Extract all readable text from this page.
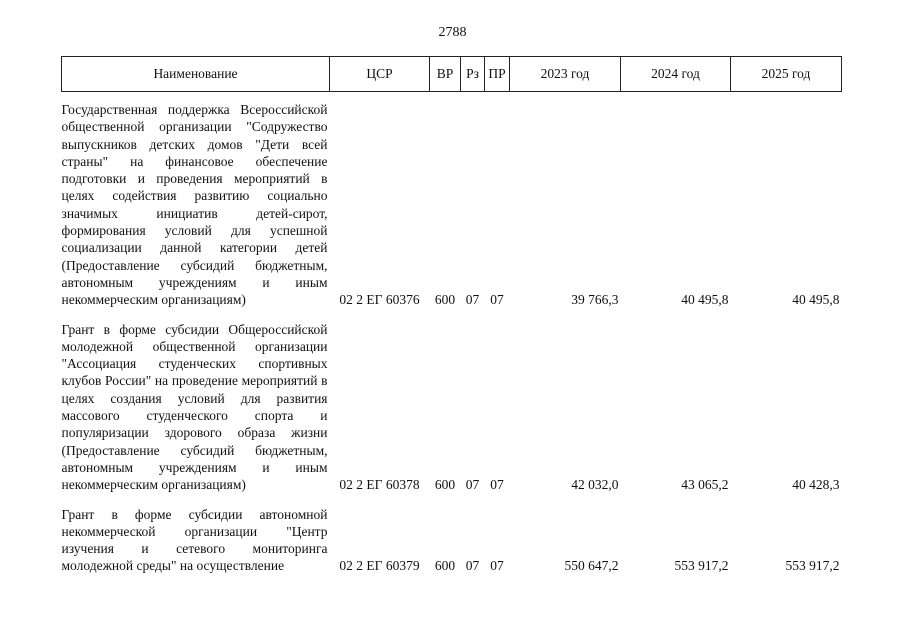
2788
Наименование	ЦСР	ВР	Рз	ПР	2023 год	2024 год	2025 год
Государственная поддержка Всероссийской общественной организации "Содружество выпускников детских домов "Дети всей страны" на финансовое обеспечение подготовки и проведения мероприятий в целях содействия развитию социально значимых инициатив детей-сирот, формирования условий для успешной социализации данной категории детей (Предоставление субсидий бюджетным, автономным учреждениям и иным некоммерческим организациям)	02 2 ЕГ 60376	600	07	07	39 766,3	40 495,8	40 495,8
Грант в форме субсидии Общероссийской молодежной общественной организации "Ассоциация студенческих спортивных клубов России" на проведение мероприятий в целях создания условий для развития массового студенческого спорта и популяризации здорового образа жизни (Предоставление субсидий бюджетным, автономным учреждениям и иным некоммерческим организациям)	02 2 ЕГ 60378	600	07	07	42 032,0	43 065,2	40 428,3
Грант в форме субсидии автономной некоммерческой организации "Центр изучения и сетевого мониторинга молодежной среды" на осуществление	02 2 ЕГ 60379	600	07	07	550 647,2	553 917,2	553 917,2
